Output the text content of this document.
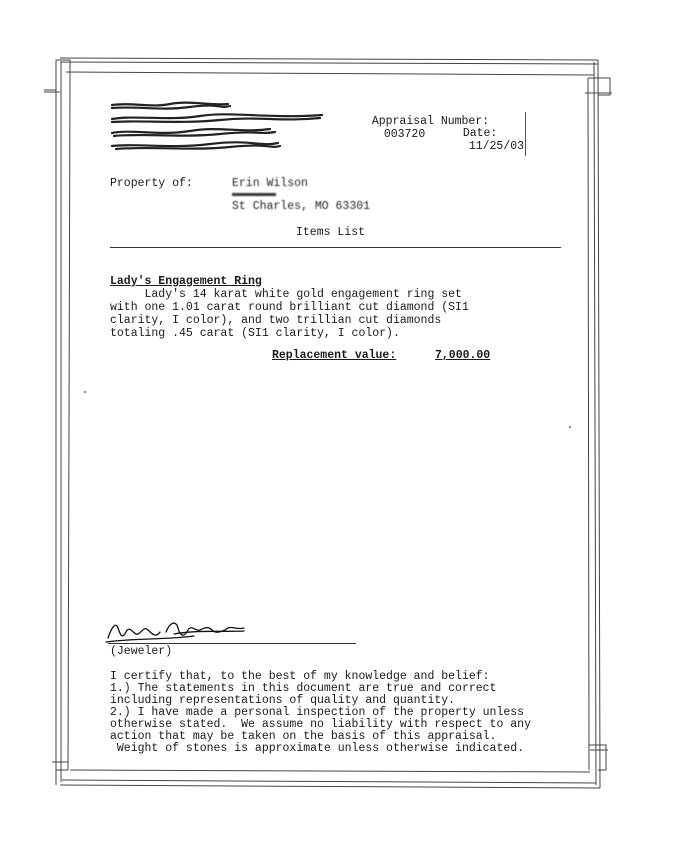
Appraisal Number:
003720	Date:
11/25/03

Property of:	Erin Wilson
St Charles, MO 63301
Items List
Lady's Engagement Ring
Lady's 14 karat white gold engagement ring set
with one 1.01 carat round brilliant cut diamond (SI1
clarity, I color), and two trillian cut diamonds
totaling .45 carat (SI1 clarity, I color).
Replacement value:	7,000.00
(Jeweler)
I certify that, to the best of my knowledge and belief:
1.) The statements in this document are true and correct
including representations of quality and quantity.
2.) I have made a personal inspection of the property unless
otherwise stated.  We assume no liability with respect to any
action that may be taken on the basis of this appraisal.
Weight of stones is approximate unless otherwise indicated.
